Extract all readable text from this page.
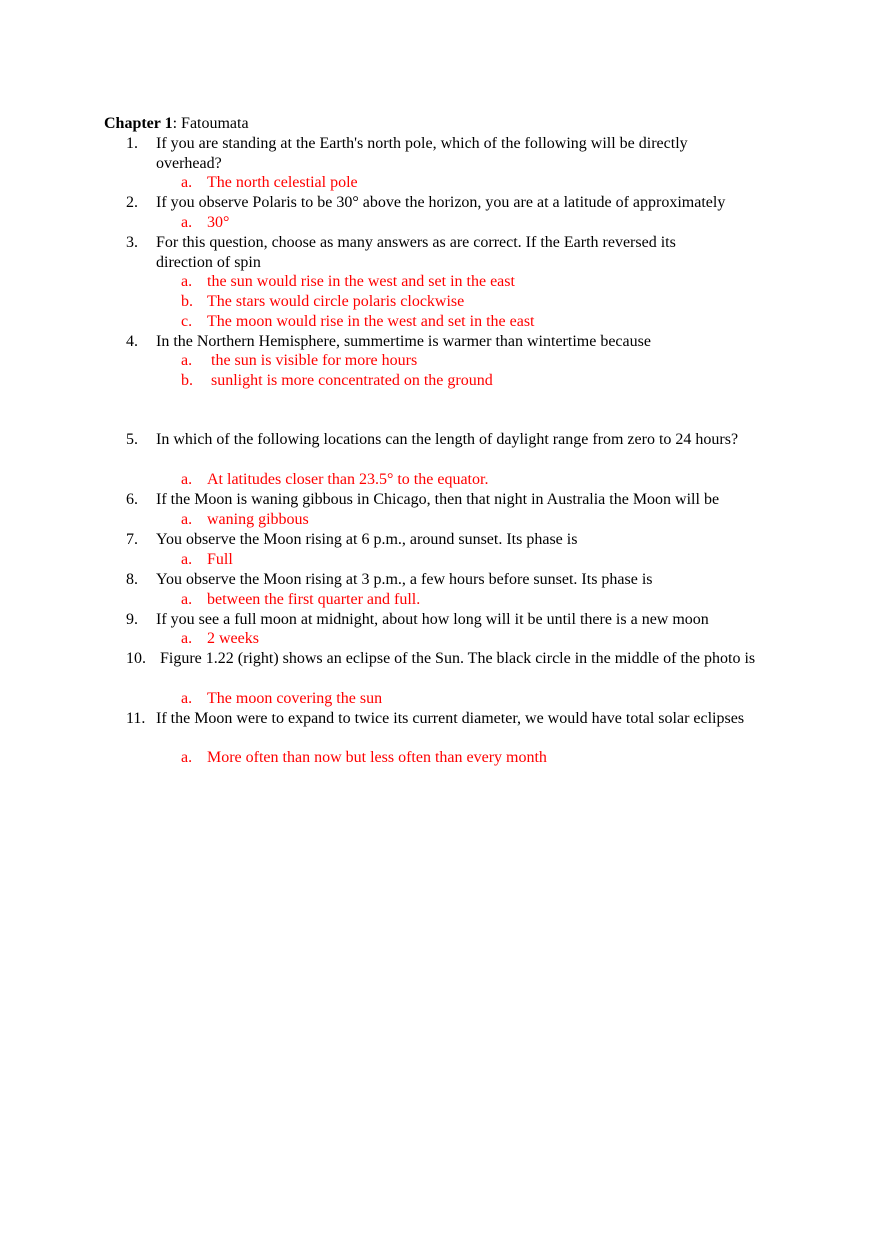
Chapter 1: Fatoumata
1.	If you are standing at the Earth's north pole, which of the following will be directly overhead?
a. The north celestial pole
2.	If you observe Polaris to be 30° above the horizon, you are at a latitude of approximately
a. 30°
3.	For this question, choose as many answers as are correct. If the Earth reversed its direction of spin
a. the sun would rise in the west and set in the east
b. The stars would circle polaris clockwise
c. The moon would rise in the west and set in the east
4.	In the Northern Hemisphere, summertime is warmer than wintertime because
a. the sun is visible for more hours
b. sunlight is more concentrated on the ground
5.	In which of the following locations can the length of daylight range from zero to 24 hours?
a. At latitudes closer than 23.5° to the equator.
6.	If the Moon is waning gibbous in Chicago, then that night in Australia the Moon will be
a. waning gibbous
7.	You observe the Moon rising at 6 p.m., around sunset. Its phase is
a. Full
8.	You observe the Moon rising at 3 p.m., a few hours before sunset. Its phase is
a. between the first quarter and full.
9.	If you see a full moon at midnight, about how long will it be until there is a new moon
a. 2 weeks
10. Figure 1.22 (right) shows an eclipse of the Sun. The black circle in the middle of the photo is
a. The moon covering the sun
11. If the Moon were to expand to twice its current diameter, we would have total solar eclipses
a. More often than now but less often than every month
